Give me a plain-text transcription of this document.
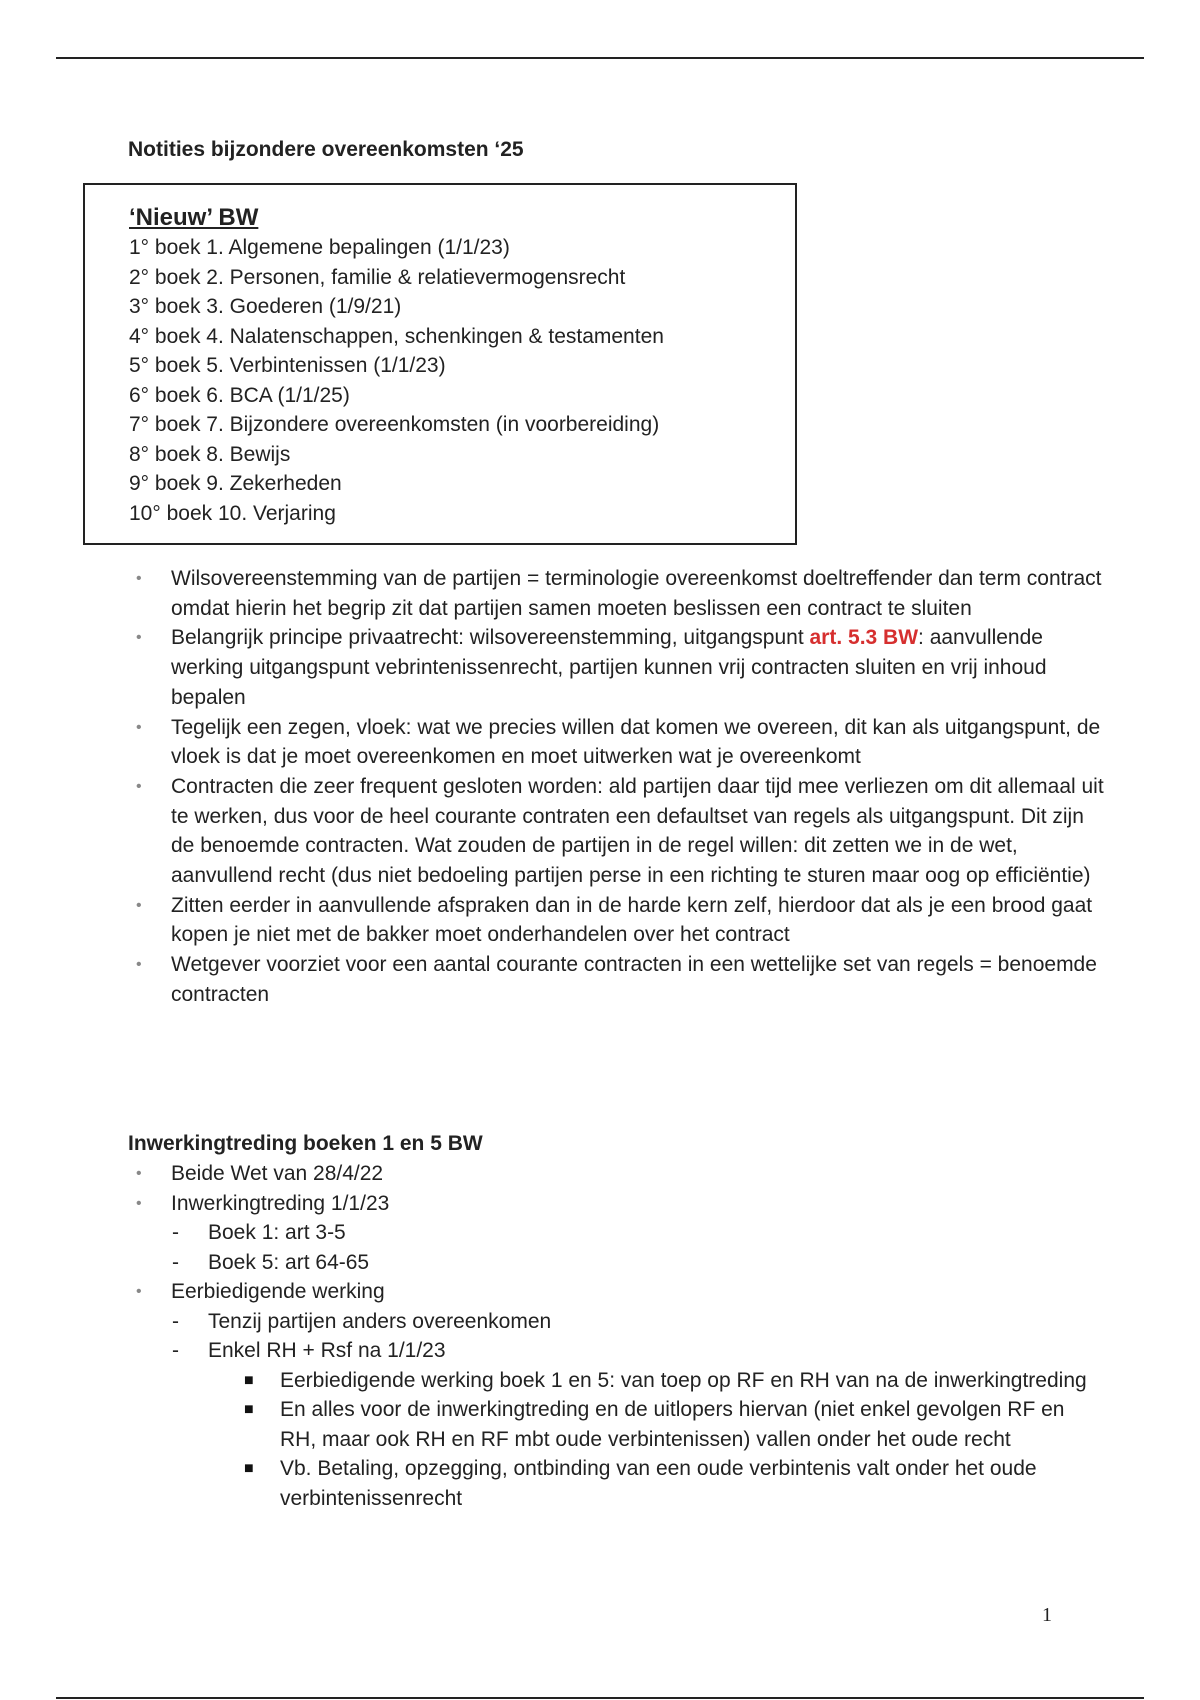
Notities bijzondere overeenkomsten ‘25
‘Nieuw’ BW
1° boek 1. Algemene bepalingen (1/1/23)
2° boek 2. Personen, familie & relatievermogensrecht
3° boek 3. Goederen (1/9/21)
4° boek 4. Nalatenschappen, schenkingen & testamenten
5° boek 5. Verbintenissen (1/1/23)
6° boek 6. BCA (1/1/25)
7° boek 7. Bijzondere overeenkomsten (in voorbereiding)
8° boek 8. Bewijs
9° boek 9. Zekerheden
10° boek 10. Verjaring
• Wilsovereenstemming van de partijen = terminologie overeenkomst doeltreffender dan term contract omdat hierin het begrip zit dat partijen samen moeten beslissen een contract te sluiten
• Belangrijk principe privaatrecht: wilsovereenstemming, uitgangspunt art. 5.3 BW: aanvullende werking uitgangspunt vebrintenissenrecht, partijen kunnen vrij contracten sluiten en vrij inhoud bepalen
• Tegelijk een zegen, vloek: wat we precies willen dat komen we overeen, dit kan als uitgangspunt, de vloek is dat je moet overeenkomen en moet uitwerken wat je overeenkomt
• Contracten die zeer frequent gesloten worden: ald partijen daar tijd mee verliezen om dit allemaal uit te werken, dus voor de heel courante contraten een defaultset van regels als uitgangspunt. Dit zijn de benoemde contracten. Wat zouden de partijen in de regel willen: dit zetten we in de wet, aanvullend recht (dus niet bedoeling partijen perse in een richting te sturen maar oog op efficiëntie)
• Zitten eerder in aanvullende afspraken dan in de harde kern zelf, hierdoor dat als je een brood gaat kopen je niet met de bakker moet onderhandelen over het contract
• Wetgever voorziet voor een aantal courante contracten in een wettelijke set van regels = benoemde contracten
Inwerkingtreding boeken 1 en 5 BW
• Beide Wet van 28/4/22
• Inwerkingtreding 1/1/23
- Boek 1: art 3-5
- Boek 5: art 64-65
• Eerbiedigende werking
- Tenzij partijen anders overeenkomen
- Enkel RH + Rsf na 1/1/23
■ Eerbiedigende werking boek 1 en 5: van toep op RF en RH van na de inwerkingtreding
■ En alles voor de inwerkingtreding en de uitlopers hiervan (niet enkel gevolgen RF en RH, maar ook RH en RF mbt oude verbintenissen) vallen onder het oude recht
■ Vb. Betaling, opzegging, ontbinding van een oude verbintenis valt onder het oude verbintenissenrecht
1
